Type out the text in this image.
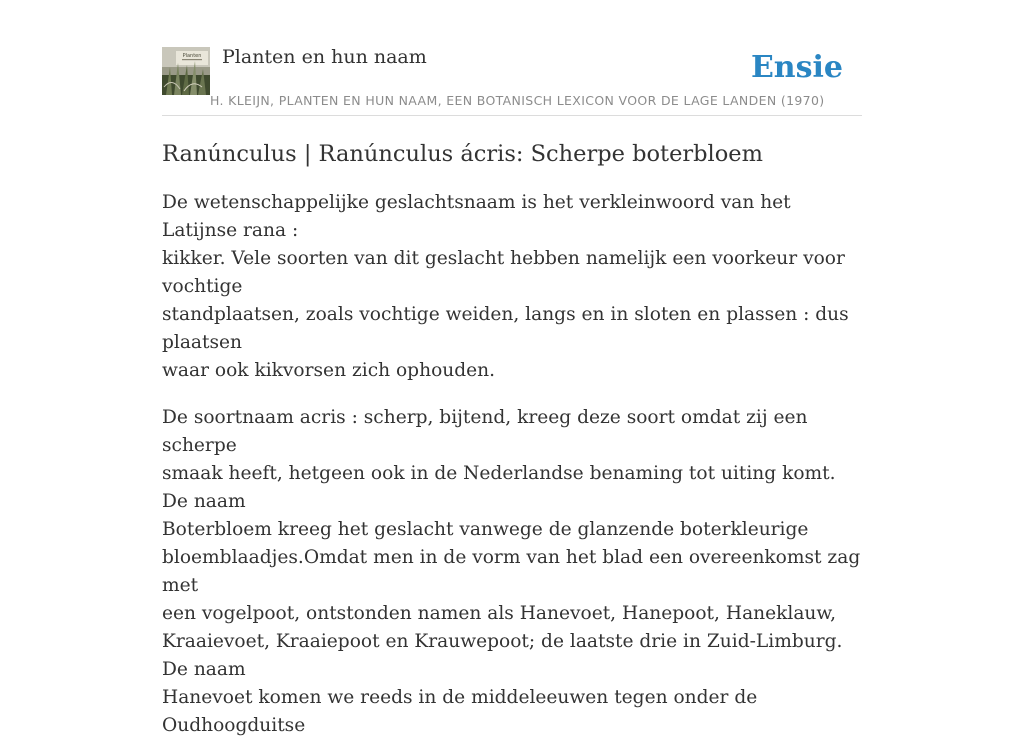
Planten Planten en hun naam	Ensie
H. KLEIJN, PLANTEN EN HUN NAAM, EEN BOTANISCH LEXICON VOOR DE LAGE LANDEN (1970)
Ranúnculus | Ranúnculus ácris: Scherpe boterbloem

De wetenschappelijke geslachtsnaam is het verkleinwoord van het Latijnse rana :
kikker. Vele soorten van dit geslacht hebben namelijk een voorkeur voor vochtige
standplaatsen, zoals vochtige weiden, langs en in sloten en plassen : dus plaatsen
waar ook kikvorsen zich ophouden.

De soortnaam acris : scherp, bijtend, kreeg deze soort omdat zij een scherpe
smaak heeft, hetgeen ook in de Nederlandse benaming tot uiting komt. De naam
Boterbloem kreeg het geslacht vanwege de glanzende boterkleurige
bloemblaadjes.Omdat men in de vorm van het blad een overeenkomst zag met
een vogelpoot, ontstonden namen als Hanevoet, Hanepoot, Haneklauw,
Kraaievoet, Kraaiepoot en Krauwepoot; de laatste drie in Zuid-Limburg. De naam
Hanevoet komen we reeds in de middeleeuwen tegen onder de Oudhoogduitse
